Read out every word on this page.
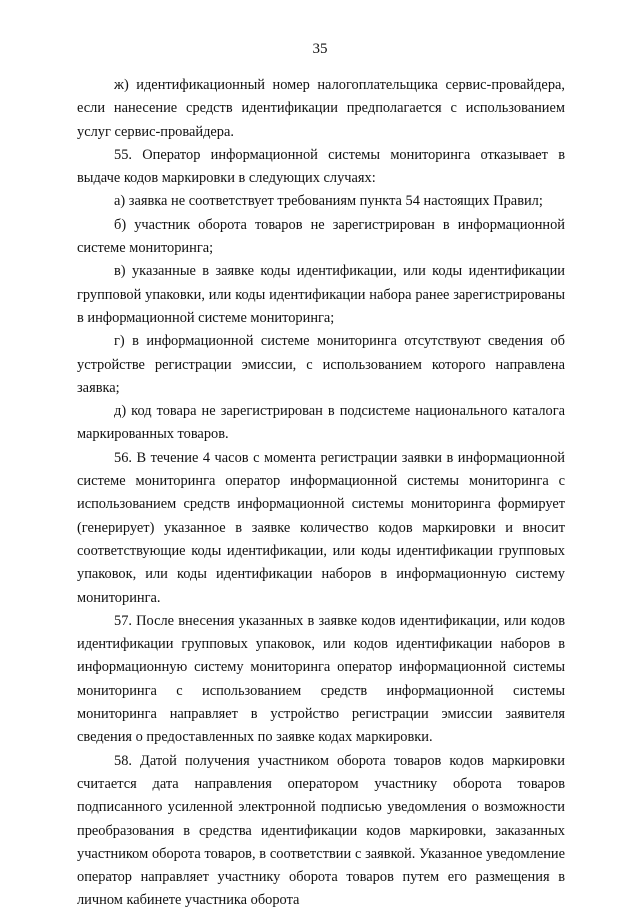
35

ж) идентификационный номер налогоплательщика сервис-провайдера, если нанесение средств идентификации предполагается с использованием услуг сервис-провайдера.

55. Оператор информационной системы мониторинга отказывает в выдаче кодов маркировки в следующих случаях:

а) заявка не соответствует требованиям пункта 54 настоящих Правил;

б) участник оборота товаров не зарегистрирован в информационной системе мониторинга;

в) указанные в заявке коды идентификации, или коды идентификации групповой упаковки, или коды идентификации набора ранее зарегистрированы в информационной системе мониторинга;

г) в информационной системе мониторинга отсутствуют сведения об устройстве регистрации эмиссии, с использованием которого направлена заявка;

д) код товара не зарегистрирован в подсистеме национального каталога маркированных товаров.

56. В течение 4 часов с момента регистрации заявки в информационной системе мониторинга оператор информационной системы мониторинга с использованием средств информационной системы мониторинга формирует (генерирует) указанное в заявке количество кодов маркировки и вносит соответствующие коды идентификации, или коды идентификации групповых упаковок, или коды идентификации наборов в информационную систему мониторинга.

57. После внесения указанных в заявке кодов идентификации, или кодов идентификации групповых упаковок, или кодов идентификации наборов в информационную систему мониторинга оператор информационной системы мониторинга с использованием средств информационной системы мониторинга направляет в устройство регистрации эмиссии заявителя сведения о предоставленных по заявке кодах маркировки.

58. Датой получения участником оборота товаров кодов маркировки считается дата направления оператором участнику оборота товаров подписанного усиленной электронной подписью уведомления о возможности преобразования в средства идентификации кодов маркировки, заказанных участником оборота товаров, в соответствии с заявкой. Указанное уведомление оператор направляет участнику оборота товаров путем его размещения в личном кабинете участника оборота
